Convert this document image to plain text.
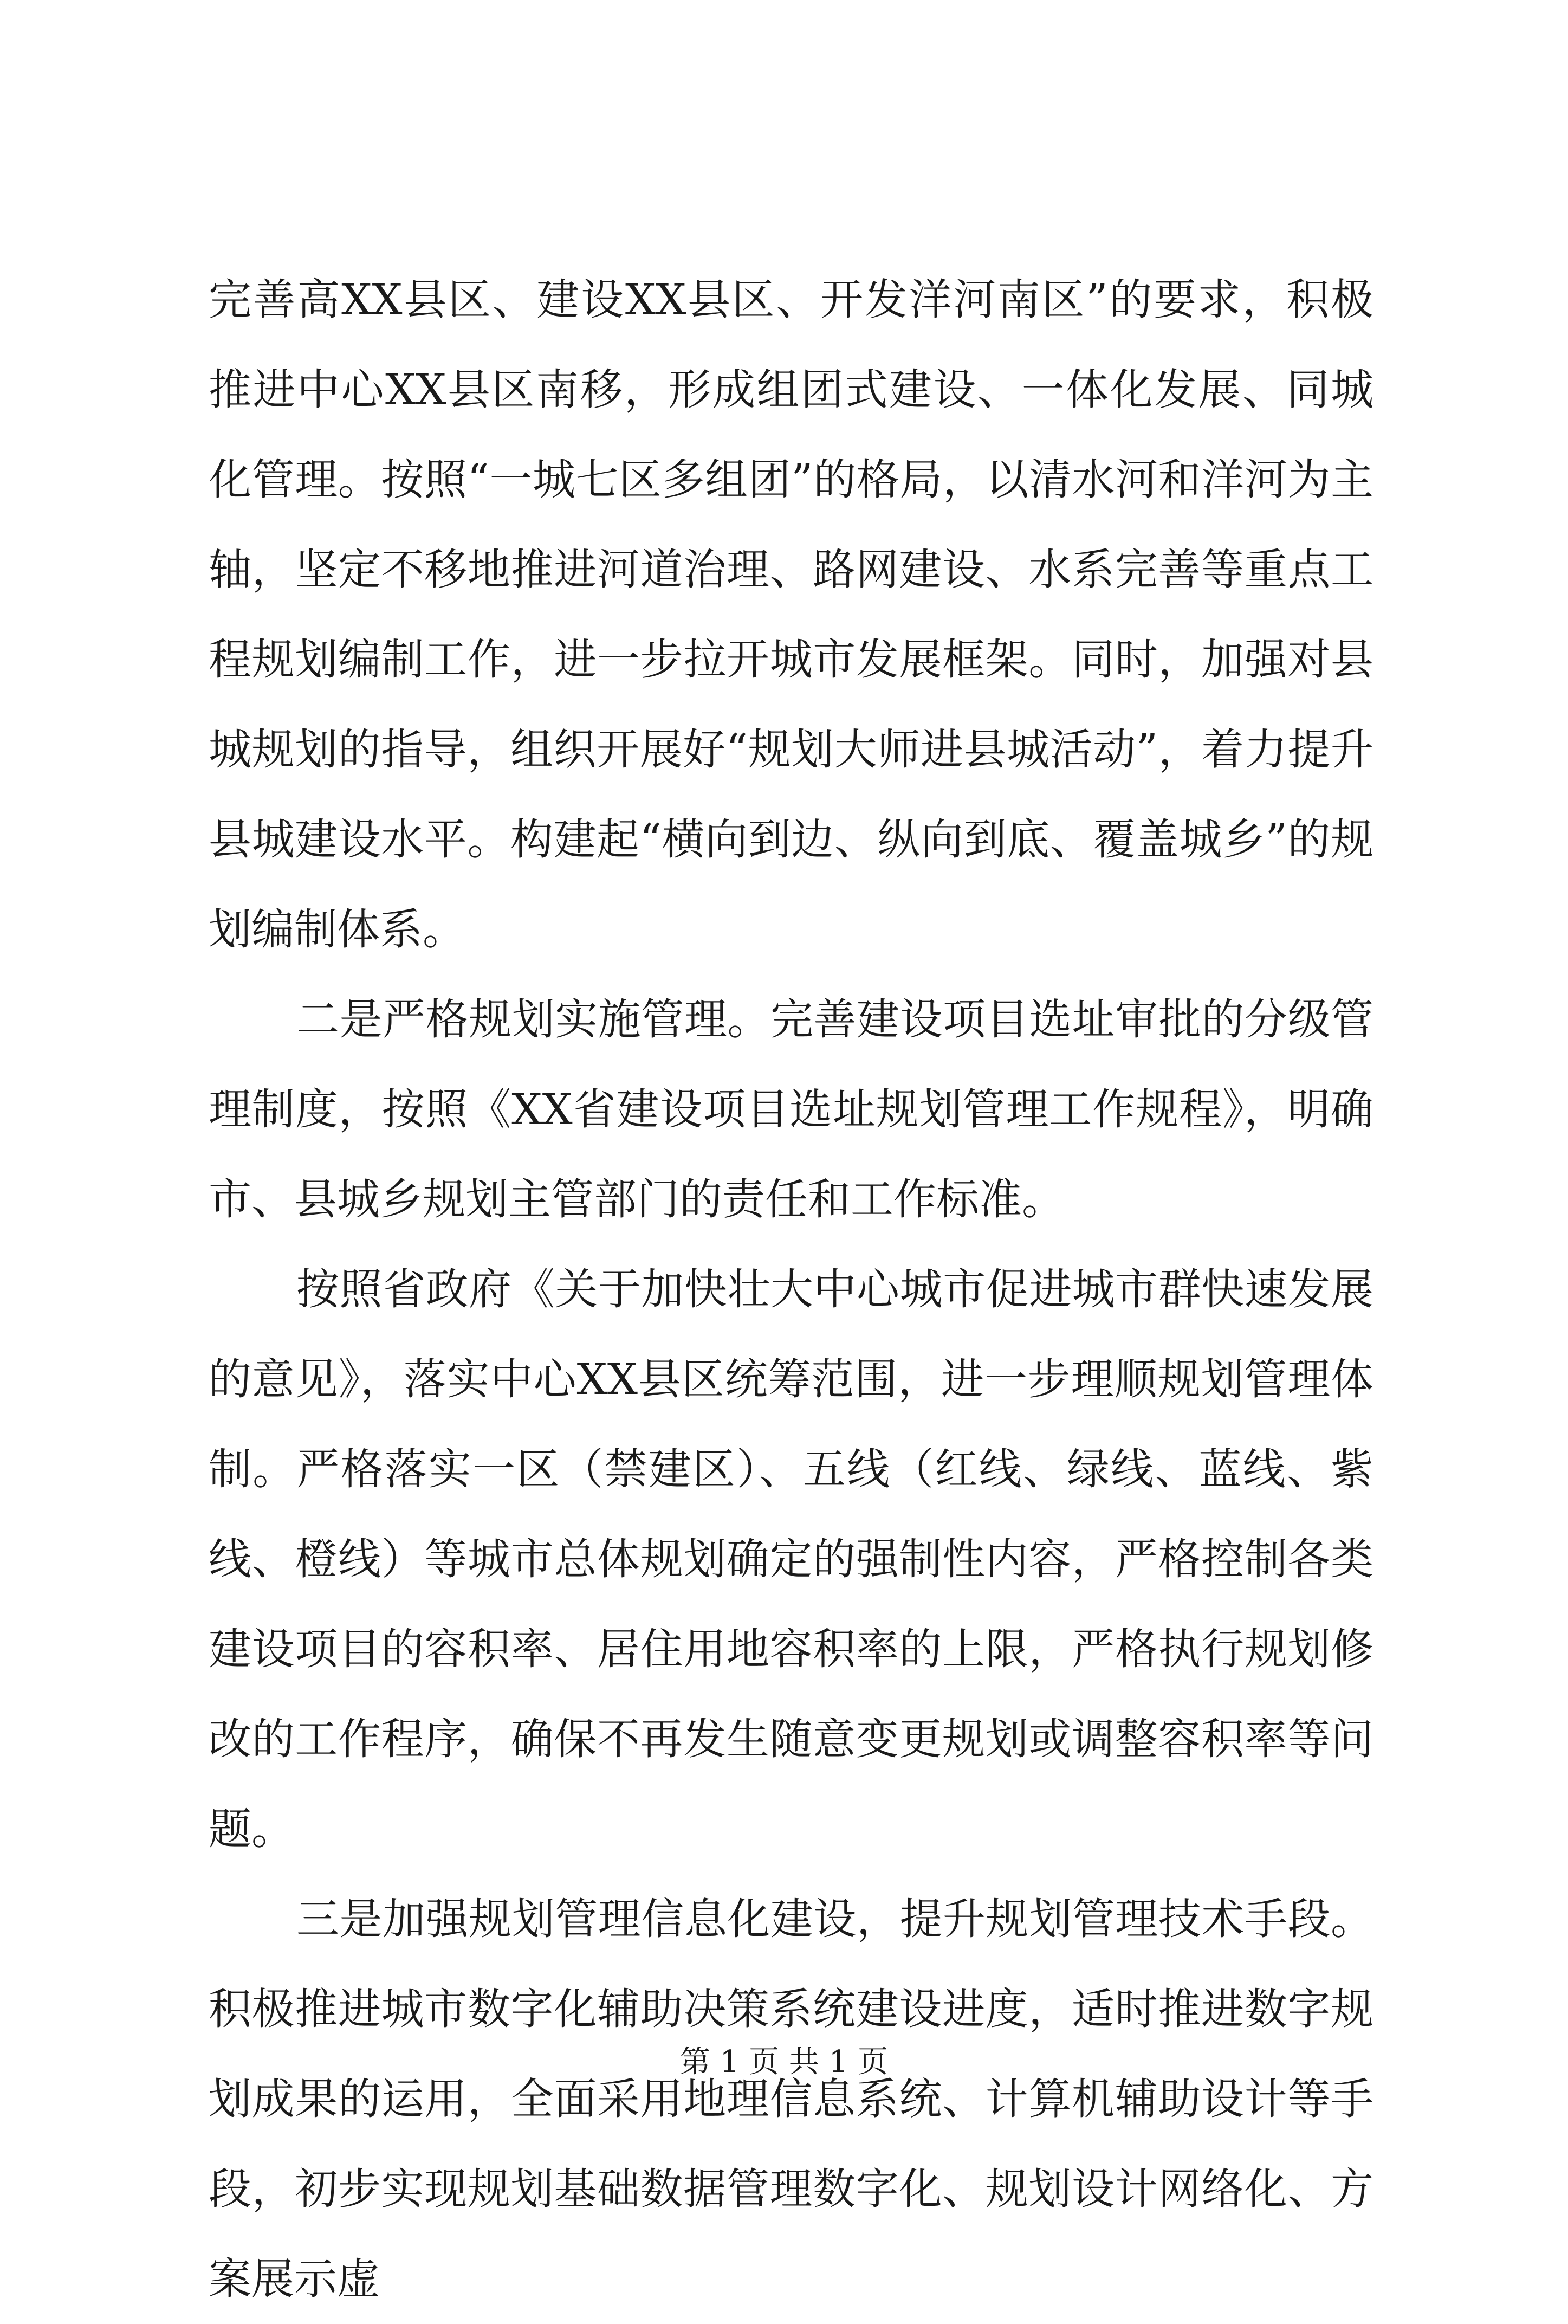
完善高XX县区、建设XX县区、开发洋河南区”的要求，积极推进中心XX县区南移，形成组团式建设、一体化发展、同城化管理。按照“一城七区多组团”的格局，以清水河和洋河为主轴，坚定不移地推进河道治理、路网建设、水系完善等重点工程规划编制工作，进一步拉开城市发展框架。同时，加强对县城规划的指导，组织开展好“规划大师进县城活动”，着力提升县城建设水平。构建起“横向到边、纵向到底、覆盖城乡”的规划编制体系。

二是严格规划实施管理。完善建设项目选址审批的分级管理制度，按照《XX省建设项目选址规划管理工作规程》，明确市、县城乡规划主管部门的责任和工作标准。

按照省政府《关于加快壮大中心城市促进城市群快速发展的意见》，落实中心XX县区统筹范围，进一步理顺规划管理体制。严格落实一区（禁建区）、五线（红线、绿线、蓝线、紫线、橙线）等城市总体规划确定的强制性内容，严格控制各类建设项目的容积率、居住用地容积率的上限，严格执行规划修改的工作程序，确保不再发生随意变更规划或调整容积率等问题。

三是加强规划管理信息化建设，提升规划管理技术手段。积极推进城市数字化辅助决策系统建设进度，适时推进数字规划成果的运用，全面采用地理信息系统、计算机辅助设计等手段，初步实现规划基础数据管理数字化、规划设计网络化、方案展示虚

第 1 页 共 1 页
